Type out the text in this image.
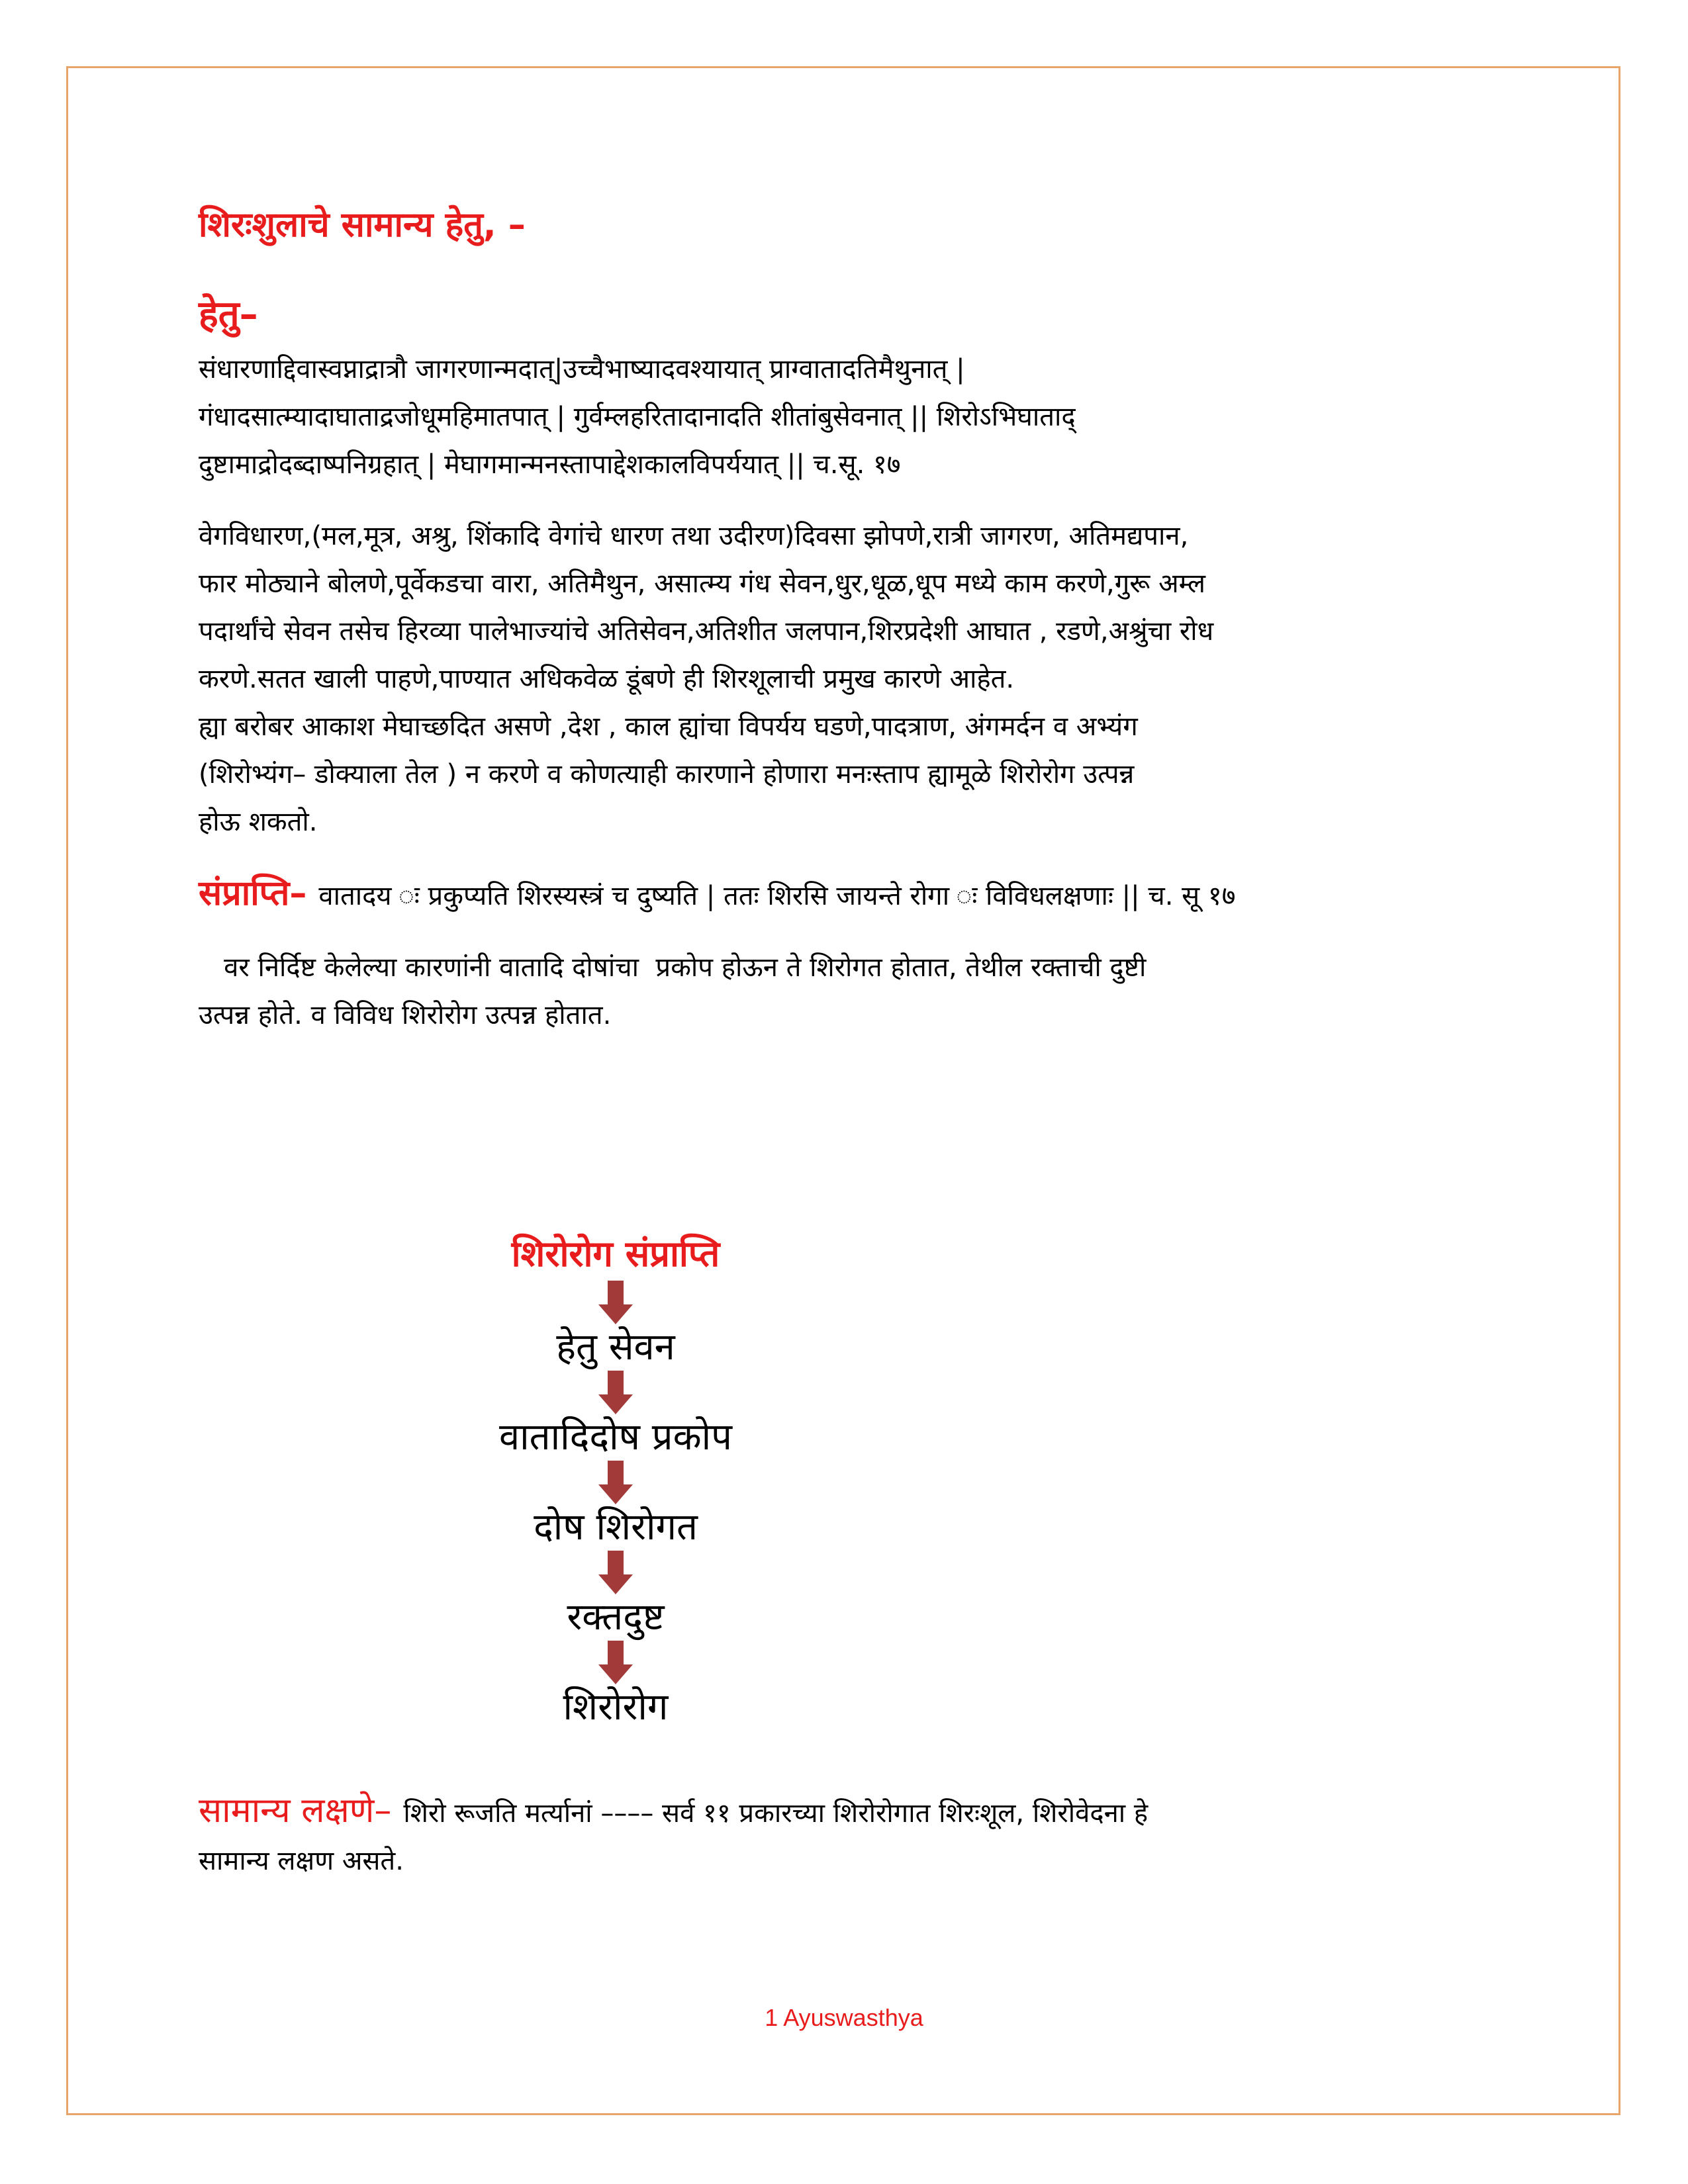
शिरःशुलाचे सामान्य हेतु, –
हेतु–
संधारणाद्दिवास्वप्नाद्रात्रौ जागरणान्मदात्|उच्चैभाष्यादवश्यायात् प्राग्वातादतिमैथुनात् |
गंधादसात्म्यादाघाताद्रजोधूमहिमातपात् | गुर्वम्लहरितादानादति शीतांबुसेवनात् || शिरोऽभिघाताद्
दुष्टामाद्रोदब्दाष्पनिग्रहात् | मेघागमान्मनस्तापाद्देशकालविपर्ययात् || च.सू. १७
वेगविधारण,(मल,मूत्र, अश्रु, शिंकादि वेगांचे धारण तथा उदीरण)दिवसा झोपणे,रात्री जागरण, अतिमद्यपान,
फार मोठ्याने बोलणे,पूर्वेकडचा वारा, अतिमैथुन, असात्म्य गंध सेवन,धुर,धूळ,धूप मध्ये काम करणे,गुरू अम्ल
पदार्थांचे सेवन तसेच हिरव्या पालेभाज्यांचे अतिसेवन,अतिशीत जलपान,शिरप्रदेशी आघात , रडणे,अश्रुंचा रोध
करणे.सतत खाली पाहणे,पाण्यात अधिकवेळ डूंबणे ही शिरशूलाची प्रमुख कारणे आहेत.
ह्या बरोबर आकाश मेघाच्छदित असणे ,देश , काल ह्यांचा विपर्यय घडणे,पादत्राण, अंगमर्दन व अभ्यंग
(शिरोभ्यंग– डोक्याला तेल ) न करणे व कोणत्याही कारणाने होणारा मनःस्ताप ह्यामूळे शिरोरोग उत्पन्न
होऊ शकतो.
संप्राप्ति– वातादय ः प्रकुप्यति शिरस्यस्त्रं च दुष्यति | ततः शिरसि जायन्ते रोगा ः विविधलक्षणाः || च. सू १७
वर निर्दिष्ट केलेल्या कारणांनी वातादि दोषांचा  प्रकोप होऊन ते शिरोगत होतात, तेथील रक्ताची दुष्टी
उत्पन्न होते. व विविध शिरोरोग उत्पन्न होतात.
शिरोरोग संप्राप्ति
हेतु सेवन
वातादिदोष प्रकोप
दोष शिरोगत
रक्तदुष्ट
शिरोरोग
सामान्य लक्षणे– शिरो रूजति मर्त्यानां –––– सर्व ११ प्रकारच्या शिरोरोगात शिरःशूल, शिरोवेदना हे
सामान्य लक्षण असते.
1 Ayuswasthya
